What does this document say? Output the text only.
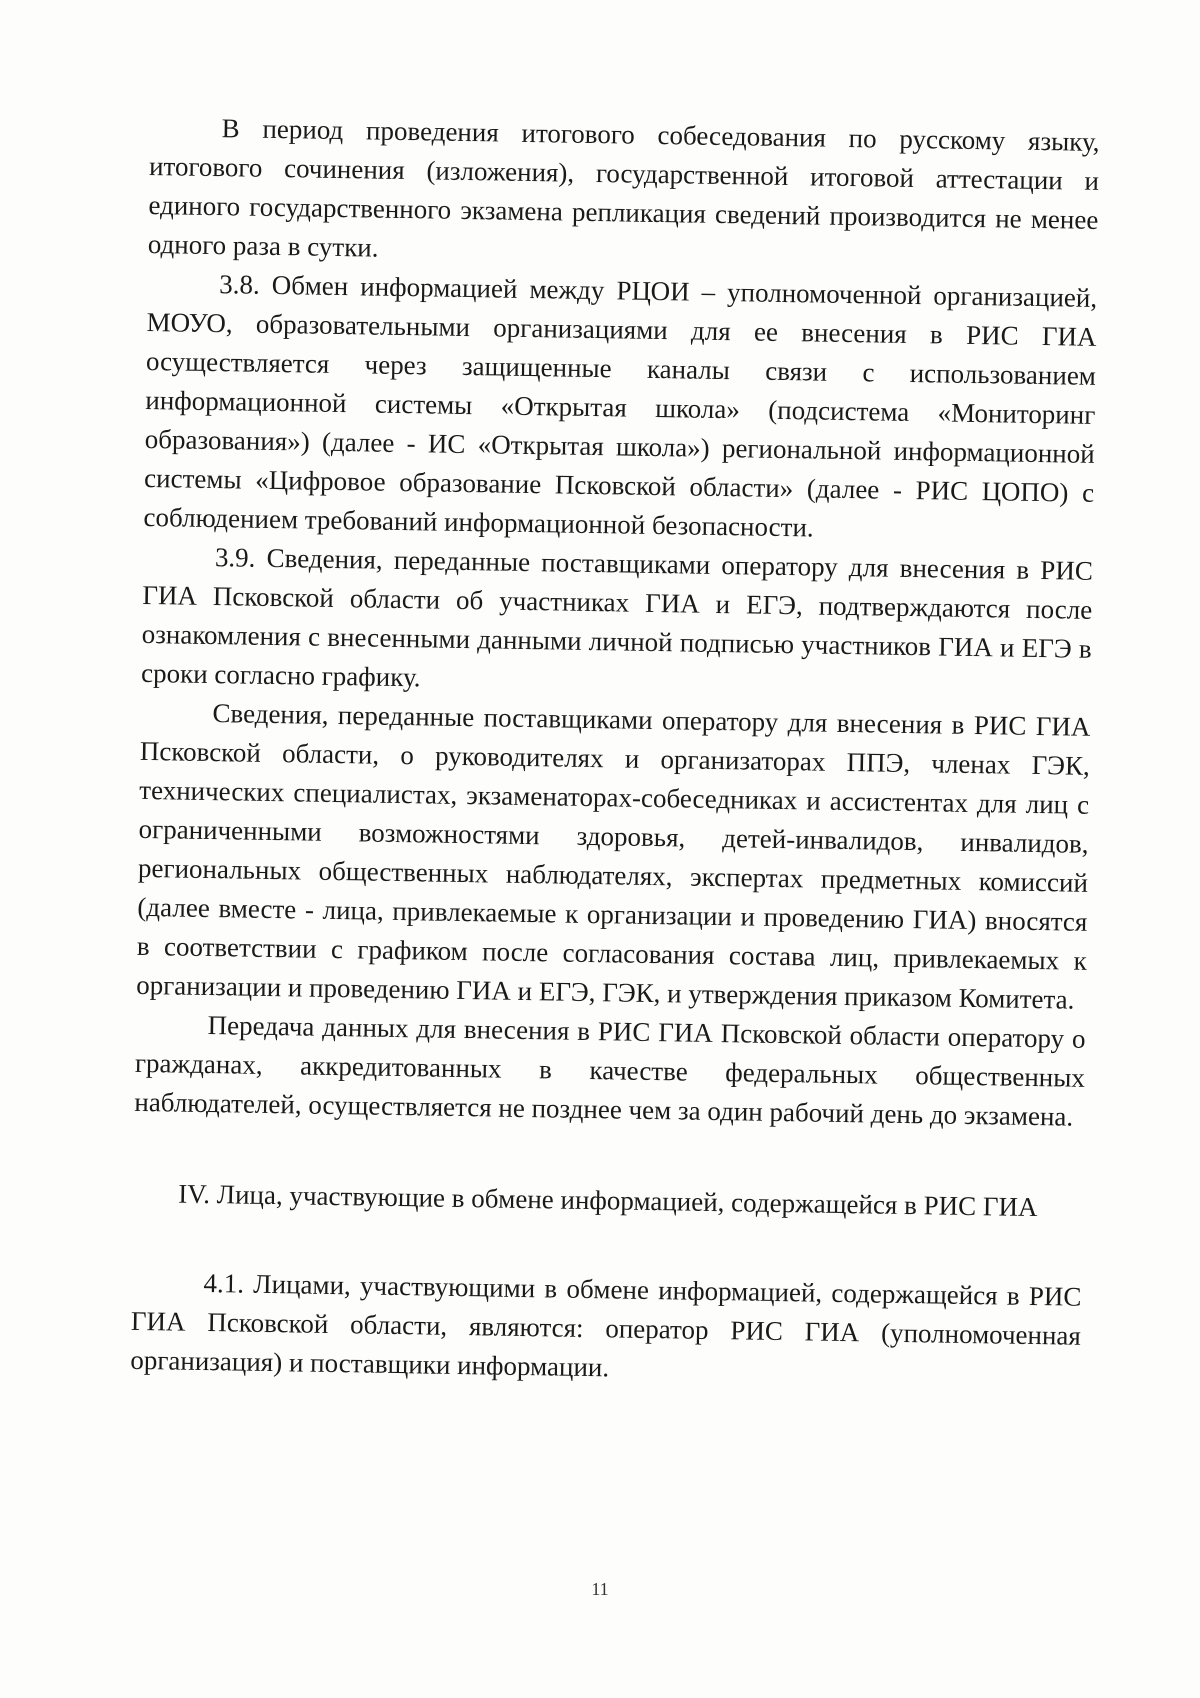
В период проведения итогового собеседования по русскому языку, итогового сочинения (изложения), государственной итоговой аттестации и единого государственного экзамена репликация сведений производится не менее одного раза в сутки.

3.8. Обмен информацией между РЦОИ – уполномоченной организацией, МОУО, образовательными организациями для ее внесения в РИС ГИА осуществляется через защищенные каналы связи с использованием информационной системы «Открытая школа» (подсистема «Мониторинг образования») (далее - ИС «Открытая школа») региональной информационной системы «Цифровое образование Псковской области» (далее - РИС ЦОПО) с соблюдением требований информационной безопасности.

3.9. Сведения, переданные поставщиками оператору для внесения в РИС ГИА Псковской области об участниках ГИА и ЕГЭ, подтверждаются после ознакомления с внесенными данными личной подписью участников ГИА и ЕГЭ в сроки согласно графику.

Сведения, переданные поставщиками оператору для внесения в РИС ГИА Псковской области, о руководителях и организаторах ППЭ, членах ГЭК, технических специалистах, экзаменаторах-собеседниках и ассистентах для лиц с ограниченными возможностями здоровья, детей-инвалидов, инвалидов, региональных общественных наблюдателях, экспертах предметных комиссий (далее вместе - лица, привлекаемые к организации и проведению ГИА) вносятся в соответствии с графиком после согласования состава лиц, привлекаемых к организации и проведению ГИА и ЕГЭ, ГЭК, и утверждения приказом Комитета.

Передача данных для внесения в РИС ГИА Псковской области оператору о гражданах, аккредитованных в качестве федеральных общественных наблюдателей, осуществляется не позднее чем за один рабочий день до экзамена.

IV. Лица, участвующие в обмене информацией, содержащейся в РИС ГИА

4.1. Лицами, участвующими в обмене информацией, содержащейся в РИС ГИА Псковской области, являются: оператор РИС ГИА (уполномоченная организация) и поставщики информации.

11
